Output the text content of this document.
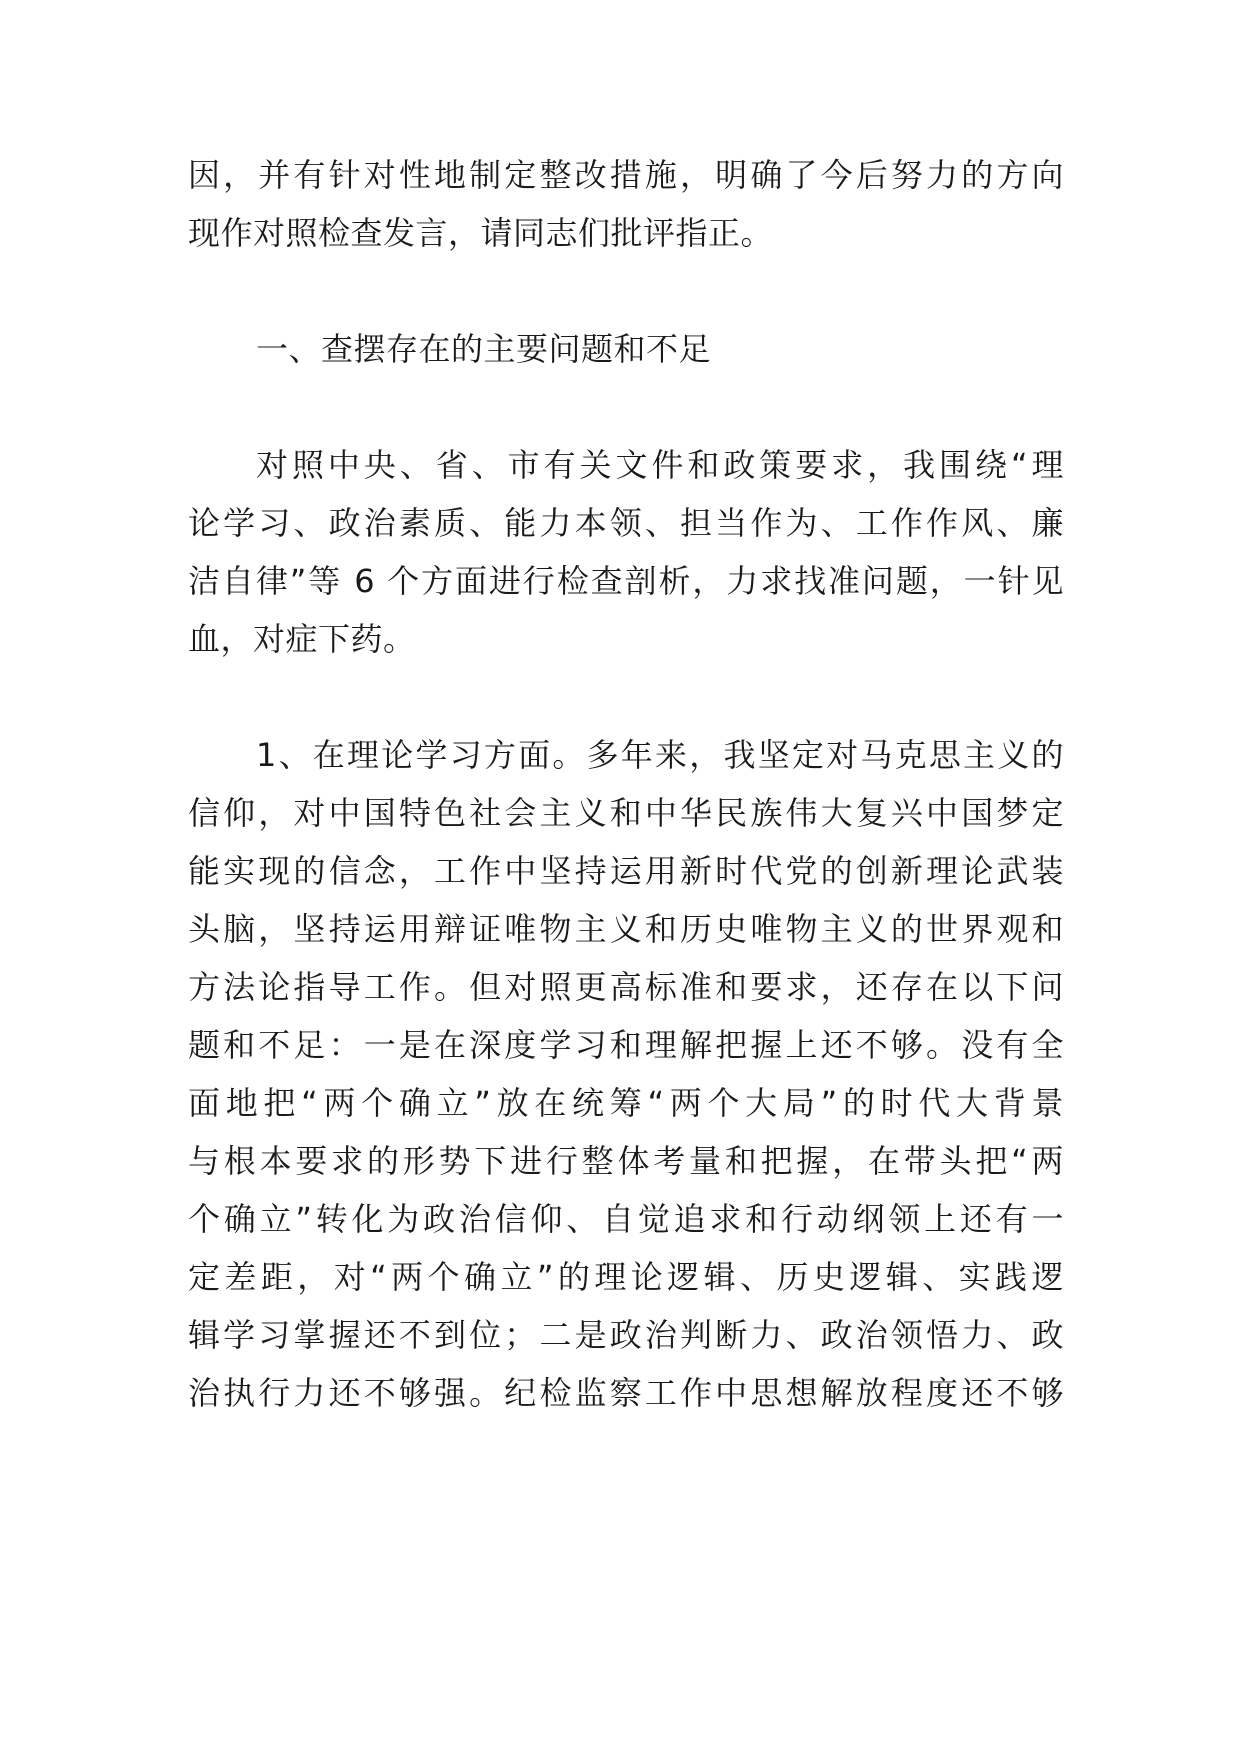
因，并有针对性地制定整改措施，明确了今后努力的方向
现作对照检查发言，请同志们批评指正。
一、查摆存在的主要问题和不足
对照中央、省、市有关文件和政策要求，我围绕“理
论学习、政治素质、能力本领、担当作为、工作作风、廉
洁自律”等 6 个方面进行检查剖析，力求找准问题，一针见
血，对症下药。
1、在理论学习方面。多年来，我坚定对马克思主义的
信仰，对中国特色社会主义和中华民族伟大复兴中国梦定
能实现的信念，工作中坚持运用新时代党的创新理论武装
头脑，坚持运用辩证唯物主义和历史唯物主义的世界观和
方法论指导工作。但对照更高标准和要求，还存在以下问
题和不足：一是在深度学习和理解把握上还不够。没有全
面地把“两个确立”放在统筹“两个大局”的时代大背景
与根本要求的形势下进行整体考量和把握，在带头把“两
个确立”转化为政治信仰、自觉追求和行动纲领上还有一
定差距，对“两个确立”的理论逻辑、历史逻辑、实践逻
辑学习掌握还不到位；二是政治判断力、政治领悟力、政
治执行力还不够强。纪检监察工作中思想解放程度还不够
